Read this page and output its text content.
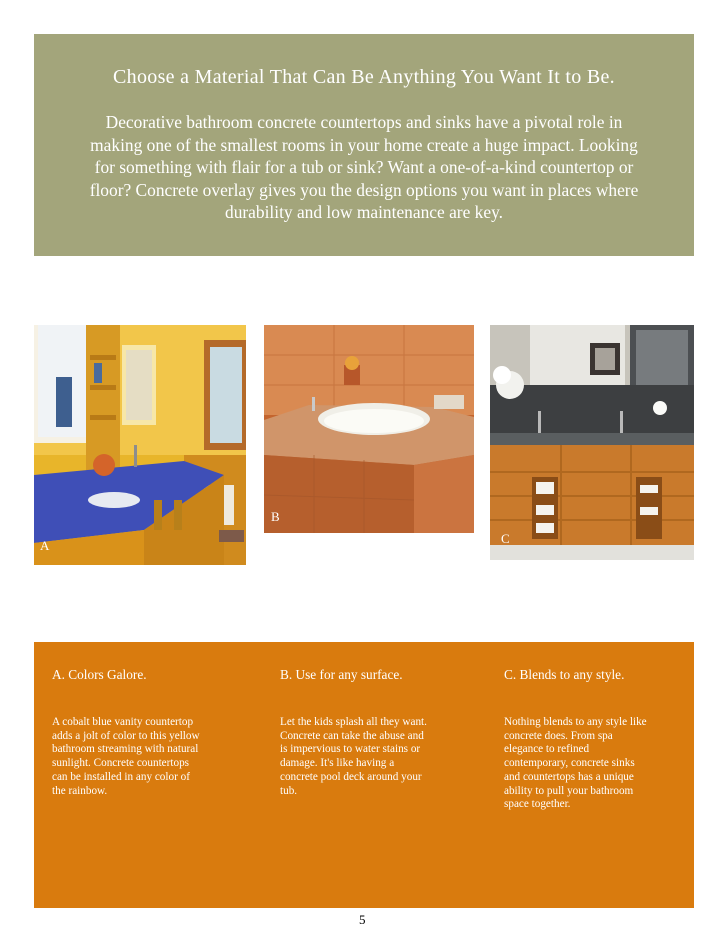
Choose a Material That Can Be Anything You Want It to Be.

Decorative bathroom concrete countertops and sinks have a pivotal role in
making one of the smallest rooms in your home create a huge impact. Looking
for something with flair for a tub or sink? Want a one-of-a-kind countertop or
floor? Concrete overlay gives you the design options you want in places where
durability and low maintenance are key.

A
B
C
A. Colors Galore.

A cobalt blue vanity countertop
adds a jolt of color to this yellow
bathroom streaming with natural
sunlight. Concrete countertops
can be installed in any color of
the rainbow.

B. Use for any surface.

Let the kids splash all they want.
Concrete can take the abuse and
is impervious to water stains or
damage. It's like having a
concrete pool deck around your
tub.

C. Blends to any style.

Nothing blends to any style like
concrete does. From spa
elegance to refined
contemporary, concrete sinks
and countertops has a unique
ability to pull your bathroom
space together.

5
